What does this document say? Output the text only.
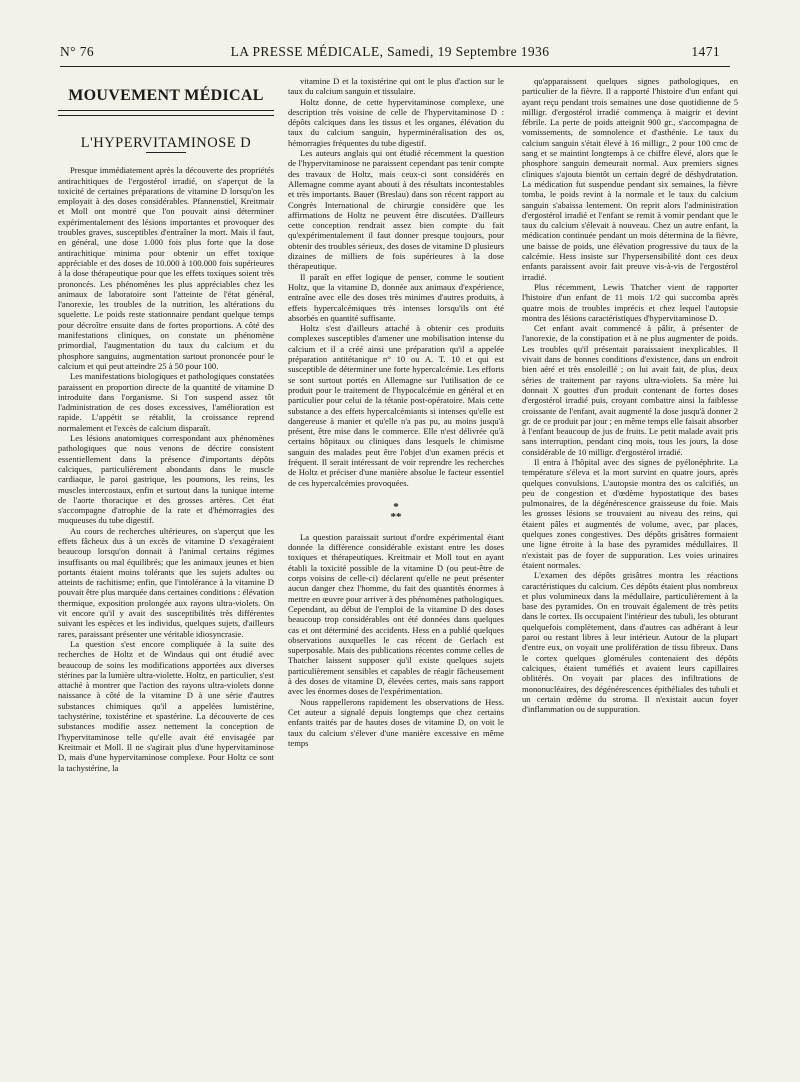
N° 76	LA PRESSE MÉDICALE, Samedi, 19 Septembre 1936	1471
MOUVEMENT MÉDICAL
L'HYPERVITAMINOSE D

Presque immédiatement après la découverte des propriétés antirachitiques de l'ergostérol irradié, on s'aperçut de la toxicité de certaines préparations de vitamine D lorsqu'on les employait à des doses considérables. Pfannenstiel, Kreitmair et Moll ont montré que l'on pouvait ainsi déterminer expérimentalement des lésions importantes et provoquer des troubles graves, susceptibles d'entraîner la mort. Mais il faut, en général, une dose 1.000 fois plus forte que la dose antirachitique minima pour obtenir un effet toxique appréciable et des doses de 10.000 à 100.000 fois supérieures à la dose thérapeutique pour que les effets toxiques soient très prononcés. Les phénomènes les plus appréciables chez les animaux de laboratoire sont l'atteinte de l'état général, l'anorexie, les troubles de la nutrition, les altérations du squelette. Le poids reste stationnaire pendant quelque temps pour décroître ensuite dans de fortes proportions. A côté des manifestations cliniques, on constate un phénomène primordial, l'augmentation du taux du calcium et du phosphore sanguins, augmentation surtout prononcée pour le calcium et qui peut atteindre 25 à 50 pour 100.

Les manifestations biologiques et pathologiques constatées paraissent en proportion directe de la quantité de vitamine D introduite dans l'organisme. Si l'on suspend assez tôt l'administration de ces doses excessives, l'amélioration est rapide. L'appétit se rétablit, la croissance reprend normalement et l'excès de calcium disparaît.

Les lésions anatomiques correspondant aux phénomènes pathologiques que nous venons de décrire consistent essentiellement dans la présence d'importants dépôts calciques, particulièrement abondants dans le muscle cardiaque, le paroi gastrique, les poumons, les reins, les muscles intercostaux, enfin et surtout dans la tunique interne de l'aorte thoracique et des grosses artères. Cet état s'accompagne d'atrophie de la rate et d'hémorragies des muqueuses du tube digestif.

Au cours de recherches ultérieures, on s'aperçut que les effets fâcheux dus à un excès de vitamine D s'exagéraient beaucoup lorsqu'on donnait à l'animal certains régimes insuffisants ou mal équilibrés; que les animaux jeunes et bien portants étaient moins tolérants que les sujets adultes ou atteints de rachitisme; enfin, que l'intolérance à la vitamine D pouvait être plus marquée dans certaines conditions : élévation thermique, exposition prolongée aux rayons ultra-violets. On vit encore qu'il y avait des susceptibilités très différentes suivant les espèces et les individus, quelques sujets, d'ailleurs rares, paraissant présenter une véritable idiosyncrasie.

La question s'est encore compliquée à la suite des recherches de Holtz et de Windaus qui ont étudié avec beaucoup de soins les modifications apportées aux diverses stérines par la lumière ultra-violette. Holtz, en particulier, s'est attaché à montrer que l'action des rayons ultra-violets donne naissance à côté de la vitamine D à une série d'autres substances chimiques qu'il a appelées lumistérine, tachystérine, toxistérine et spastérine. La découverte de ces substances modifie assez nettement la conception de l'hypervitaminose telle qu'elle avait été envisagée par Kreitmair et Moll. Il ne s'agirait plus d'une hypervitaminose D, mais d'une hypervitaminose complexe. Pour Holtz ce sont la tachystérine, la

vitamine D et la toxistérine qui ont le plus d'action sur le taux du calcium sanguin et tissulaire.

Holtz donne, de cette hypervitaminose complexe, une description très voisine de celle de l'hypervitaminose D : dépôts calciques dans les tissus et les organes, élévation du taux du calcium sanguin, hyperminéralisation des os, hémorragies fréquentes du tube digestif.

Les auteurs anglais qui ont étudié récemment la question de l'hypervitaminose ne paraissent cependant pas tenir compte des travaux de Holtz, mais ceux-ci sont considérés en Allemagne comme ayant abouti à des résultats incontestables et très importants. Bauer (Breslau) dans son récent rapport au Congrès International de chirurgie considère que les affirmations de Holtz ne peuvent être discutées. D'ailleurs cette conception rendrait assez bien compte du fait qu'expérimentalement il faut donner presque toujours, pour obtenir des troubles sérieux, des doses de vitamine D plusieurs dizaines de milliers de fois supérieures à la dose thérapeutique.

Il paraît en effet logique de penser, comme le soutient Holtz, que la vitamine D, donnée aux animaux d'expérience, entraîne avec elle des doses très minimes d'autres produits, à effets hypercalcémiques très intenses lorsqu'ils ont été absorbés en quantité suffisante.

Holtz s'est d'ailleurs attaché à obtenir ces produits complexes susceptibles d'amener une mobilisation intense du calcium et il a créé ainsi une préparation qu'il a appelée préparation antitétanique n° 10 ou A. T. 10 et qui est susceptible de déterminer une forte hypercalcémie. Les efforts se sont surtout portés en Allemagne sur l'utilisation de ce produit pour le traitement de l'hypocalcémie en général et en particulier pour celui de la tétanie post-opératoire. Mais cette substance a des effets hypercalcémiants si intenses qu'elle est dangereuse à manier et qu'elle n'a pas pu, au moins jusqu'à présent, être mise dans le commerce. Elle n'est délivrée qu'à certains hôpitaux ou cliniques dans lesquels le chimisme sanguin des malades peut être l'objet d'un examen précis et fréquent. Il serait intéressant de voir reprendre les recherches de Holtz et préciser d'une manière absolue le facteur essentiel de ces hypercalcémies provoquées.

*
**

La question paraissait surtout d'ordre expérimental étant donnée la différence considérable existant entre les doses toxiques et thérapeutiques. Kreitmair et Moll tout en ayant établi la toxicité possible de la vitamine D (ou peut-être de corps voisins de celle-ci) déclarent qu'elle ne peut présenter aucun danger chez l'homme, du fait des quantités énormes à mettre en œuvre pour arriver à des phénomènes pathologiques. Cependant, au début de l'emploi de la vitamine D des doses beaucoup trop considérables ont été données dans quelques cas et ont déterminé des accidents. Hess en a publié quelques observations auxquelles le cas récent de Gerlach est superposable. Mais des publications récentes comme celles de Thatcher laissent supposer qu'il existe quelques sujets particulièrement sensibles et capables de réagir fâcheusement à des doses de vitamine D, élevées certes, mais sans rapport avec les énormes doses de l'expérimentation.

Nous rappellerons rapidement les observations de Hess. Cet auteur a signalé depuis longtemps que chez certains enfants traités par de hautes doses de vitamine D, on voit le taux du calcium s'élever d'une manière excessive en même temps

qu'apparaissent quelques signes pathologiques, en particulier de la fièvre. Il a rapporté l'histoire d'un enfant qui ayant reçu pendant trois semaines une dose quotidienne de 5 milligr. d'ergostérol irradié commença à maigrir et devint fébrile. La perte de poids atteignit 900 gr., s'accompagna de vomissements, de somnolence et d'asthénie. Le taux du calcium sanguin s'était élevé à 16 milligr., 2 pour 100 cmc de sang et se maintint longtemps à ce chiffre élevé, alors que le phosphore sanguin demeurait normal. Aux premiers signes cliniques s'ajouta bientôt un certain degré de déshydratation. La médication fut suspendue pendant six semaines, la fièvre tomba, le poids revint à la normale et le taux du calcium sanguin s'abaissa lentement. On reprit alors l'administration d'ergostérol irradié et l'enfant se remit à vomir pendant que le taux du calcium s'élevait à nouveau. Chez un autre enfant, la médication continuée pendant un mois détermina de la fièvre, une baisse de poids, une élévation progressive du taux de la calcémie. Hess insiste sur l'hypersensibilité dont ces deux enfants paraissent avoir fait preuve vis-à-vis de l'ergostérol irradié.

Plus récemment, Lewis Thatcher vient de rapporter l'histoire d'un enfant de 11 mois 1/2 qui succomba après quatre mois de troubles imprécis et chez lequel l'autopsie montra des lésions caractéristiques d'hypervitaminose D.

Cet enfant avait commencé à pâlir, à présenter de l'anorexie, de la constipation et à ne plus augmenter de poids. Les troubles qu'il présentait paraissaient inexplicables. Il vivait dans de bonnes conditions d'existence, dans un endroit bien aéré et très ensoleillé ; on lui avait fait, de plus, deux séries de traitement par rayons ultra-violets. Sa mère lui donnait X gouttes d'un produit contenant de fortes doses d'ergostérol irradié puis, croyant combattre ainsi la faiblesse croissante de l'enfant, avait augmenté la dose jusqu'à donner 2 gr. de ce produit par jour ; en même temps elle faisait absorber à l'enfant beaucoup de jus de fruits. Le petit malade avait pris sans interruption, pendant cinq mois, tous les jours, la dose considérable de 10 milligr. d'ergostérol irradié.

Il entra à l'hôpital avec des signes de pyélonéphrite. La température s'éleva et la mort survint en quatre jours, après quelques convulsions. L'autopsie montra des os calcifiés, un peu de congestion et d'œdème hypostatique des bases pulmonaires, de la dégénérescence graisseuse du foie. Mais les grosses lésions se trouvaient au niveau des reins, qui étaient pâles et augmentés de volume, avec, par places, quelques zones congestives. Des dépôts grisâtres formaient une ligne étroite à la base des pyramides médullaires. Il n'existait pas de foyer de suppuration. Les voies urinaires étaient normales.

L'examen des dépôts grisâtres montra les réactions caractéristiques du calcium. Ces dépôts étaient plus nombreux et plus volumineux dans la médullaire, particulièrement à la base des pyramides. On en trouvait également de très petits dans le cortex. Ils occupaient l'intérieur des tubuli, les obturant quelquefois complètement, dans d'autres cas adhérant à leur paroi ou restant libres à leur intérieur. Autour de la plupart d'entre eux, on voyait une prolifération de tissu fibreux. Dans le cortex quelques glomérules contenaient des dépôts calciques, étaient tuméfiés et avaient leurs capillaires oblitérés. On voyait par places des infiltrations de mononucléaires, des dégénérescences épithéliales des tubuli et un certain œdème du stroma. Il n'existait aucun foyer d'inflammation ou de suppuration.
